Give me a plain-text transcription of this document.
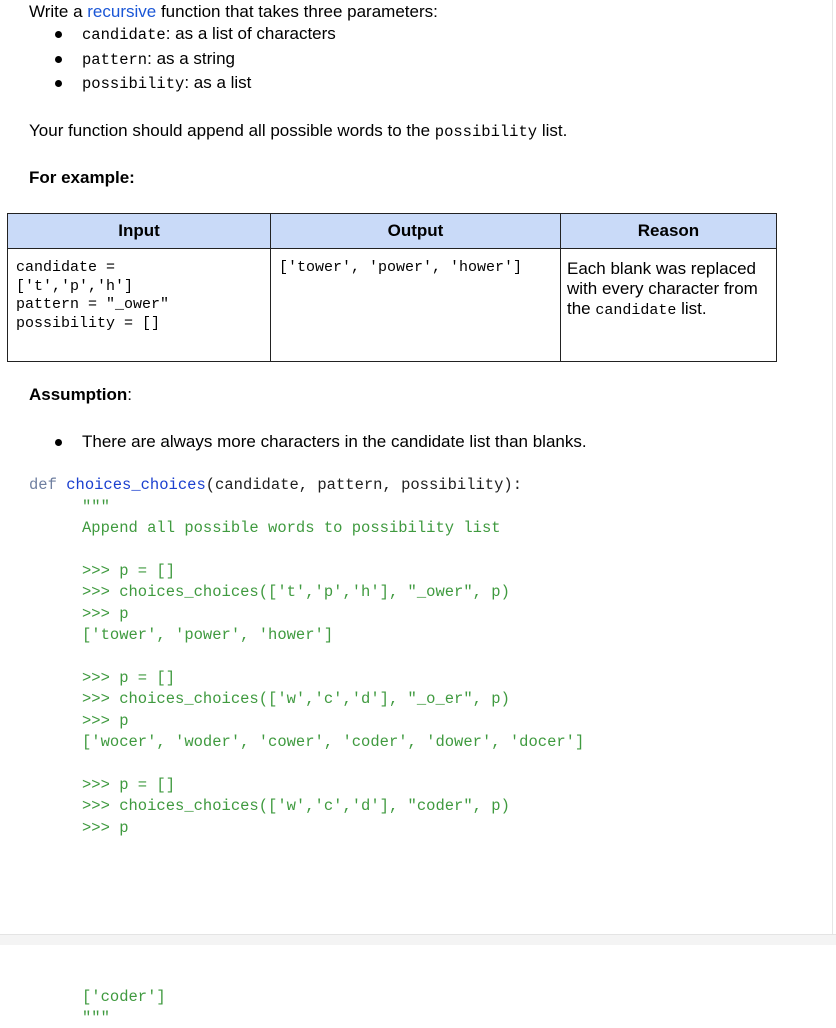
Write a recursive function that takes three parameters:
candidate: as a list of characters
pattern: as a string
possibility: as a list
Your function should append all possible words to the possibility list.
For example:
Input	Output	Reason
candidate =
['t','p','h']
pattern = "_ower"
possibility = []	['tower', 'power', 'hower']	Each blank was replaced with every character from the candidate list.
Assumption:
There are always more characters in the candidate list than blanks.
def choices_choices(candidate, pattern, possibility):
"""
Append all possible words to possibility list
>>> p = []
>>> choices_choices(['t','p','h'], "_ower", p)
>>> p
['tower', 'power', 'hower']
>>> p = []
>>> choices_choices(['w','c','d'], "_o_er", p)
>>> p
['wocer', 'woder', 'cower', 'coder', 'dower', 'docer']
>>> p = []
>>> choices_choices(['w','c','d'], "coder", p)
>>> p
['coder']
"""
